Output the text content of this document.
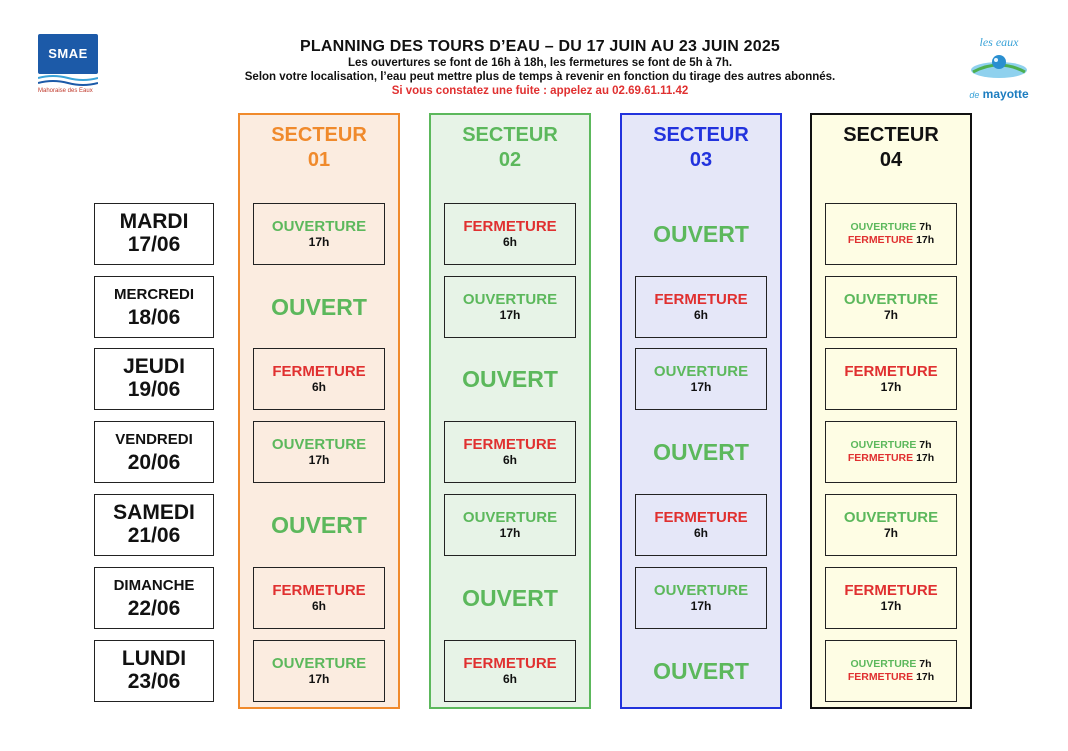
SMAE
Mahoraise des Eaux
les eaux
de mayotte
PLANNING DES TOURS D’EAU – DU 17 JUIN AU 23 JUIN 2025
Les ouvertures se font de 16h à 18h, les fermetures se font de 5h à 7h.
Selon votre localisation, l’eau peut mettre plus de temps à revenir en fonction du tirage des autres abonnés.
Si vous constatez une fuite : appelez au 02.69.61.11.42
SECTEUR
01
SECTEUR
02
SECTEUR
03
SECTEUR
04
MARDI
17/06
MERCREDI
18/06
JEUDI
19/06
VENDREDI
20/06
SAMEDI
21/06
DIMANCHE
22/06
LUNDI
23/06
OUVERTURE
17h
OUVERT
FERMETURE
6h
OUVERTURE
17h
OUVERT
FERMETURE
6h
OUVERTURE
17h
FERMETURE
6h
OUVERTURE
17h
OUVERT
FERMETURE
6h
OUVERTURE
17h
OUVERT
FERMETURE
6h
OUVERT
FERMETURE
6h
OUVERTURE
17h
OUVERT
FERMETURE
6h
OUVERTURE
17h
OUVERT
OUVERTURE 7h
FERMETURE 17h
OUVERTURE
7h
FERMETURE
17h
OUVERTURE 7h
FERMETURE 17h
OUVERTURE
7h
FERMETURE
17h
OUVERTURE 7h
FERMETURE 17h
